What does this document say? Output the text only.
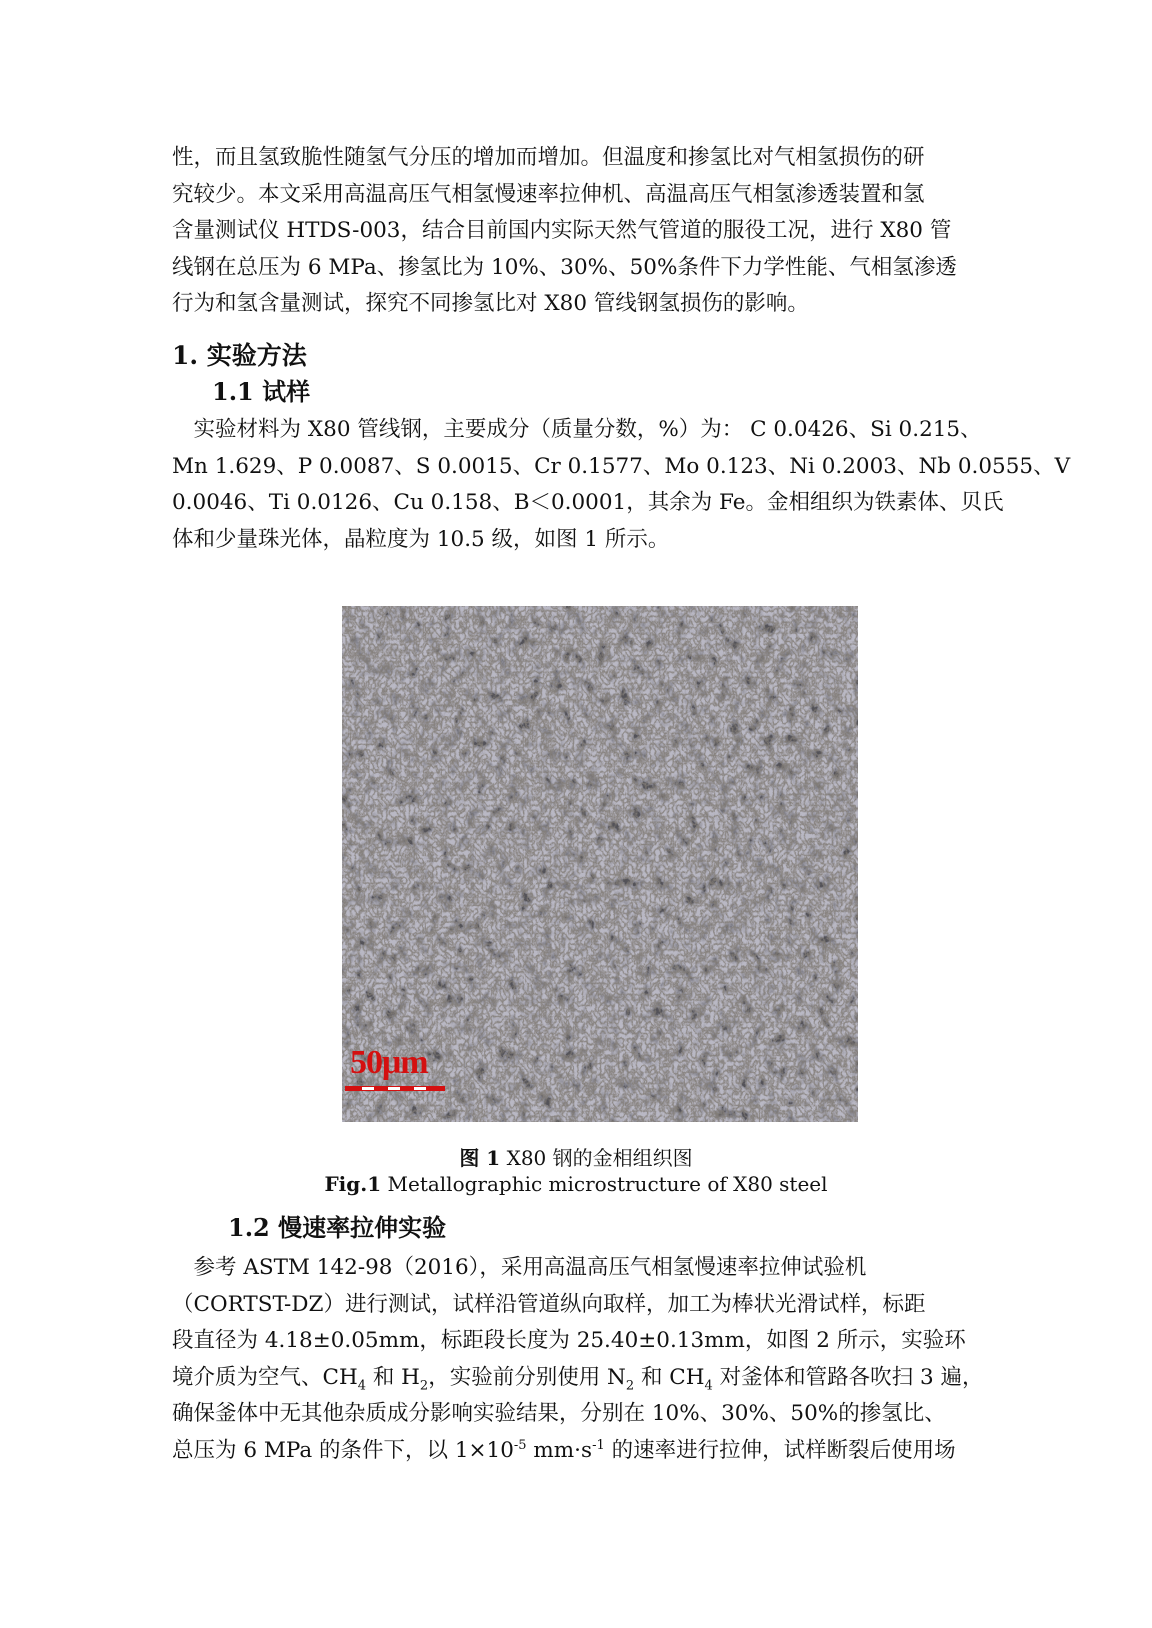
性，而且氢致脆性随氢气分压的增加而增加。但温度和掺氢比对气相氢损伤的研
究较少。本文采用高温高压气相氢慢速率拉伸机、高温高压气相氢渗透装置和氢
含量测试仪 HTDS-003，结合目前国内实际天然气管道的服役工况，进行 X80 管
线钢在总压为 6 MPa、掺氢比为 10%、30%、50%条件下力学性能、气相氢渗透
行为和氢含量测试，探究不同掺氢比对 X80 管线钢氢损伤的影响。
1. 实验方法
1.1 试样
　实验材料为 X80 管线钢，主要成分（质量分数，%）为： C 0.0426、Si 0.215、
Mn 1.629、P 0.0087、S 0.0015、Cr 0.1577、Mo 0.123、Ni 0.2003、Nb 0.0555、V
0.0046、Ti 0.0126、Cu 0.158、B＜0.0001，其余为 Fe。金相组织为铁素体、贝氏
体和少量珠光体，晶粒度为 10.5 级，如图 1 所示。
50μm

图 1 X80 钢的金相组织图

Fig.1 Metallographic microstructure of X80 steel

1.2 慢速率拉伸实验
　参考 ASTM 142-98（2016），采用高温高压气相氢慢速率拉伸试验机
（CORTST-DZ）进行测试，试样沿管道纵向取样，加工为棒状光滑试样，标距
段直径为 4.18±0.05mm，标距段长度为 25.40±0.13mm，如图 2 所示，实验环
境介质为空气、$CH_4$ 和 $H_2$，实验前分别使用 $N_2$ 和 $CH_4$ 对釜体和管路各吹扫 3 遍，
确保釜体中无其他杂质成分影响实验结果，分别在 10%、30%、50%的掺氢比、
总压为 6 MPa 的条件下，以 $1\times 10^{-5}$ $mm\cdot s^{-1}$ 的速率进行拉伸，试样断裂后使用场
